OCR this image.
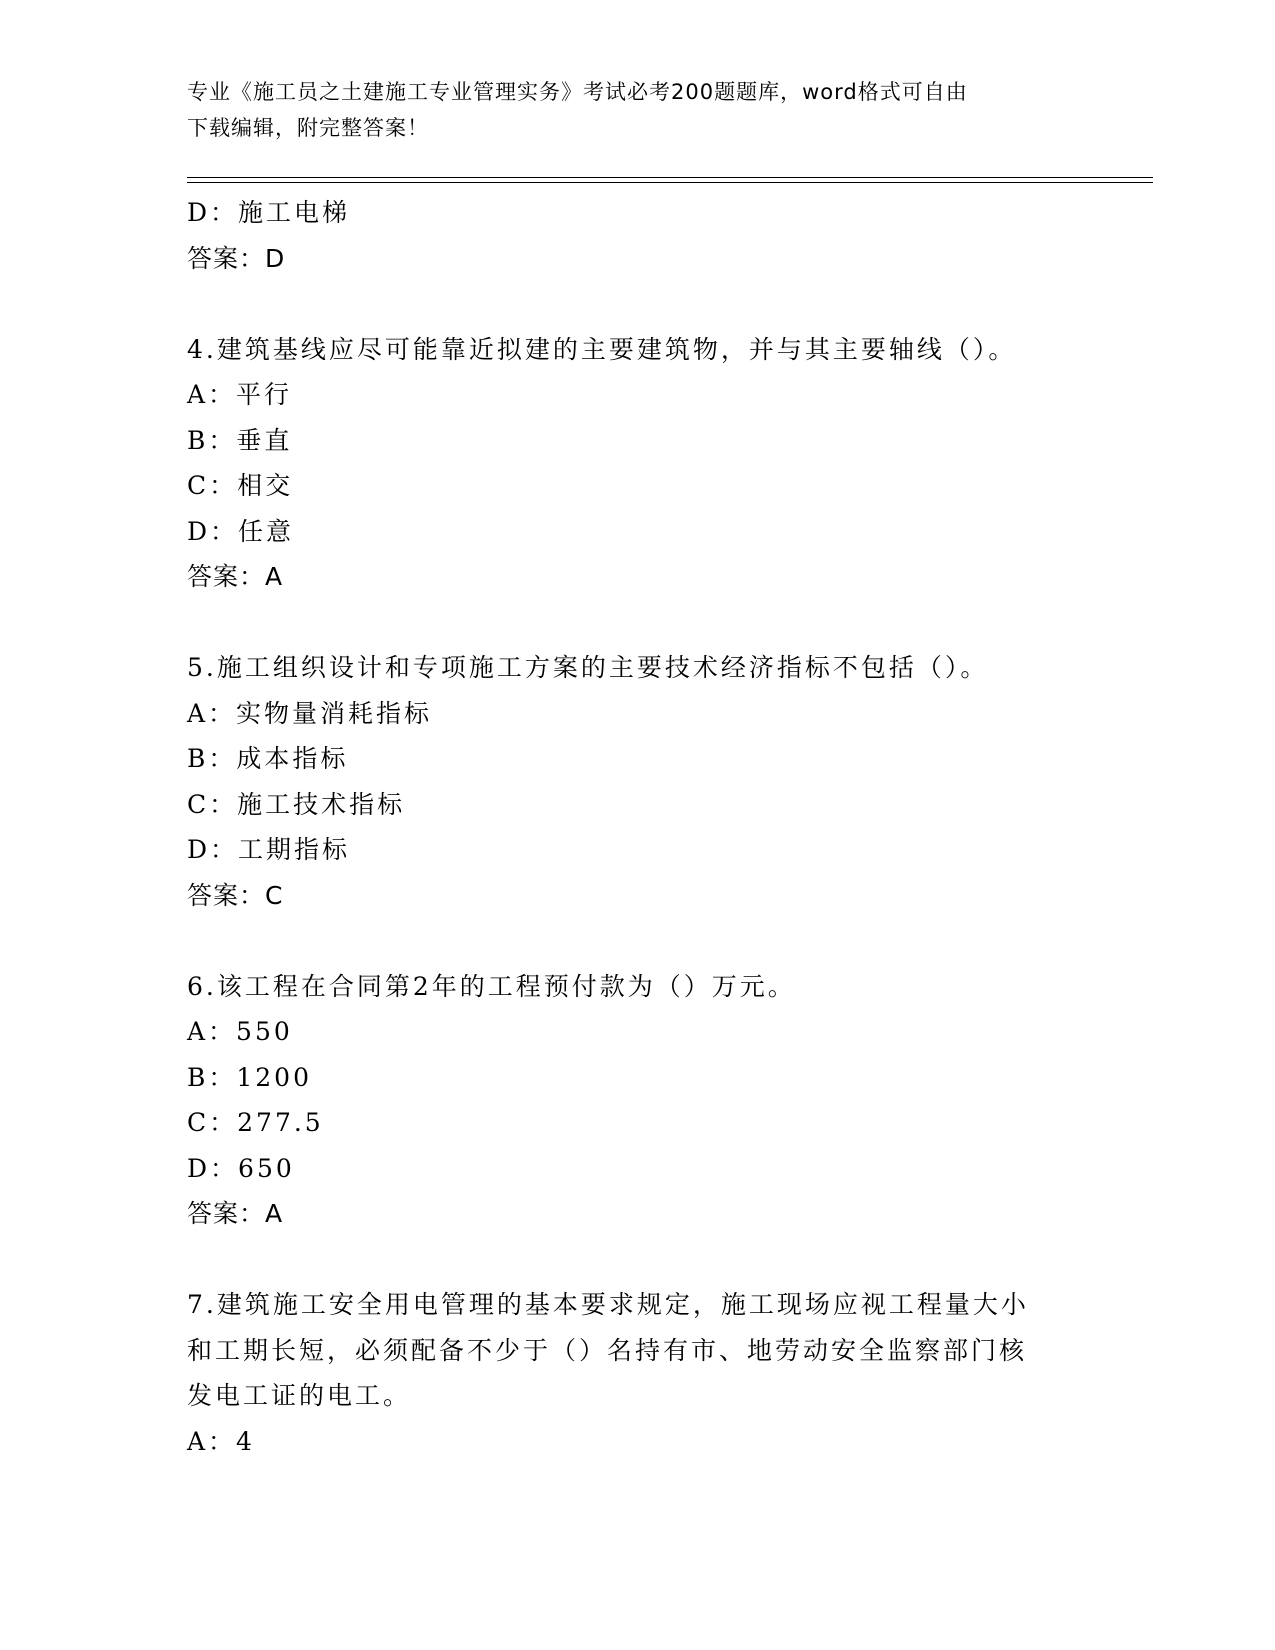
专业《施工员之土建施工专业管理实务》考试必考200题题库，word格式可自由
下载编辑，附完整答案！
D：施工电梯
答案：D
4.建筑基线应尽可能靠近拟建的主要建筑物，并与其主要轴线（）。
A：平行
B：垂直
C：相交
D：任意
答案：A
5.施工组织设计和专项施工方案的主要技术经济指标不包括（）。
A：实物量消耗指标
B：成本指标
C：施工技术指标
D：工期指标
答案：C
6.该工程在合同第2年的工程预付款为（）万元。
A：550
B：1200
C：277.5
D：650
答案：A
7.建筑施工安全用电管理的基本要求规定，施工现场应视工程量大小
和工期长短，必须配备不少于（）名持有市、地劳动安全监察部门核
发电工证的电工。
A：4
